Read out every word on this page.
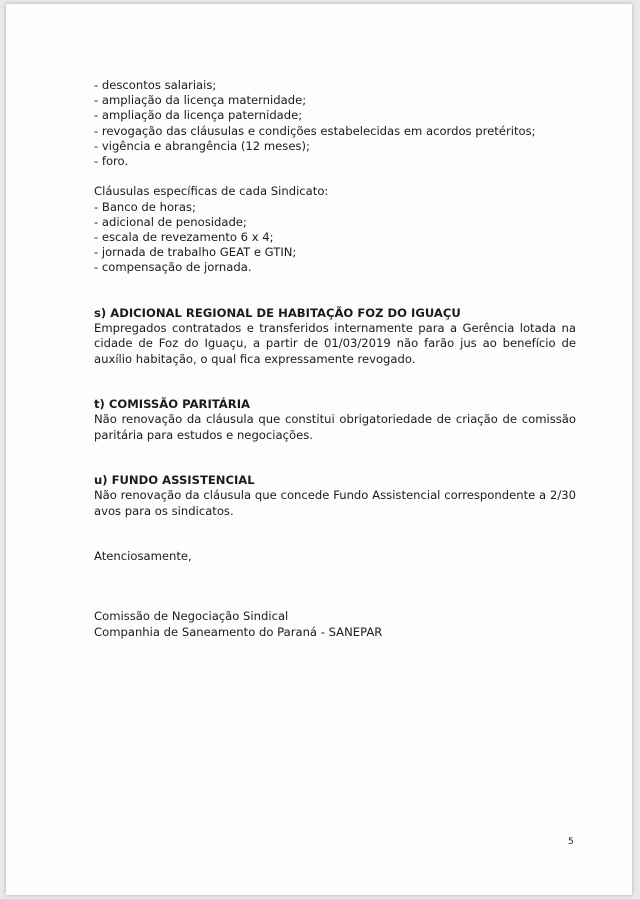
- descontos salariais;
- ampliação da licença maternidade;
- ampliação da licença paternidade;
- revogação das cláusulas e condições estabelecidas em acordos pretéritos;
- vigência e abrangência (12 meses);
- foro.
Cláusulas específicas de cada Sindicato:
- Banco de horas;
- adicional de penosidade;
- escala de revezamento 6 x 4;
- jornada de trabalho GEAT e GTIN;
- compensação de jornada.
s) ADICIONAL REGIONAL DE HABITAÇÃO FOZ DO IGUAÇU
Empregados contratados e transferidos internamente para a Gerência lotada na cidade de Foz do Iguaçu, a partir de 01/03/2019 não farão jus ao benefício de auxílio habitação, o qual fica expressamente revogado.
t) COMISSÃO PARITÁRIA
Não renovação da cláusula que constitui obrigatoriedade de criação de comissão paritária para estudos e negociações.
u) FUNDO ASSISTENCIAL
Não renovação da cláusula que concede Fundo Assistencial correspondente a 2/30 avos para os sindicatos.
Atenciosamente,
Comissão de Negociação Sindical
Companhia de Saneamento do Paraná - SANEPAR
5
